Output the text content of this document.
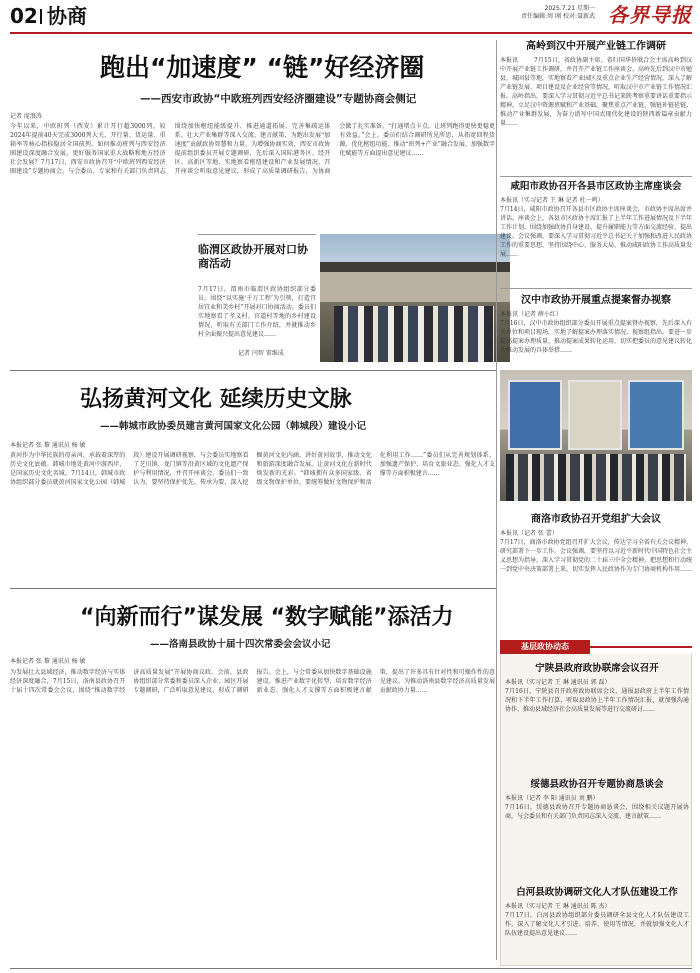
02 协商	2025.7.21 星期一
责任编辑:周 刚 校对:聂新武 各界导报
跑出“加速度” “链”好经济圈
——西安市政协“中欧班列西安经济圈建设”专题协商会侧记
记者 庞浪涛
今年以来，中欧班列（西安）累计开行超3000列，较2024年提前40天完成3000列大关，开行量、货运量、重箱率等核心指标稳居全国前列。如何推动班列与西安经济圈建设深度融合发展，更好服务国家重大战略和地方经济社会发展？7月17日，西安市政协召开“中欧班列西安经济圈建设”专题协商会。与会委员、专家和有关部门负责同志围绕加快枢纽能级提升、推进通道拓展、完善集疏运体系、壮大产业集群等深入交流、建言献策，为跑出发展“加速度”贡献政协智慧和力量。为增强协商实效，西安市政协提前组织委员开展专题调研，先后深入国际港务区、经开区、高新区等地，实地察看枢纽建设和产业发展情况，召开座谈会听取意见建议，形成了高质量调研报告，为协商会做了扎实准备。“打通堵点卡点，让班列跑得更快更稳更有效益。”会上，委员们结合调研所见所思，从拓宽回程货源、优化枢纽功能、推动“班列+产业”融合发展、加强数字化赋能等方面提出意见建议……
临渭区政协开展对口协商活动
7月17日，渭南市临渭区政协组织部分委员，围绕“以实施‘千万工程’为引领，打造宜居宜业和美乡村”开展对口协商活动。委员们实地察看了孝义村、官道村等地的乡村建设情况，听取有关部门工作介绍，并就推动乡村全面振兴提出意见建议……
记者 闫智 雷维成
高岭到汉中开展产业链工作调研
本报讯	7月15日，省政协副主席、省归国华侨联合会主席高岭到汉中开展产业链工作调研，并召开产业链工作座谈会。高岭先后到汉中市勉县、城固县等地，实地察看产业园区及重点企业生产经营情况，深入了解产业链发展、项目建设及企业经营等情况，听取汉中市产业链工作情况汇报。高岭指出，要深入学习贯彻习近平总书记来陕考察重要讲话重要指示精神，立足汉中资源禀赋和产业基础，聚焦重点产业链，强链补链延链，推动产业集群发展，为奋力谱写中国式现代化建设的陕西新篇章贡献力量……
咸阳市政协召开各县市区政协主席座谈会
本报讯（实习记者 王 琳 记者 杜一鸣）
7月14日，咸阳市政协召开各县市区政协主席座谈会，市政协主席出席并讲话。座谈会上，各县市区政协主席汇报了上半年工作进展情况及下半年工作计划，围绕加强政协自身建设、提升履职能力等方面交流经验、提出建议。会议强调，要深入学习贯彻习近平总书记关于加强和改进人民政协工作的重要思想，坚持围绕中心、服务大局，推动咸阳政协工作高质量发展……
汉中市政协开展重点提案督办视察
本报讯（记者 薛小红）
7月16日，汉中市政协组织部分委员开展重点提案督办视察，先后深入有关单位和项目现场，实地了解提案办理落实情况。视察组指出，要进一步提高提案办理质量，推动提案成果转化运用，切实把委员的意见建议转化为推动发展的具体举措……
商洛市政协召开党组扩大会议
本报讯（记者 张 蕾）
7月17日，商洛市政协党组召开扩大会议，传达学习全省有关会议精神，研究部署下一步工作。会议强调，要坚持以习近平新时代中国特色社会主义思想为指导，深入学习贯彻党的二十届三中全会精神，把思想和行动统一到党中央决策部署上来，切实发挥人民政协作为专门协商机构作用……
弘扬黄河文化 延续历史文脉
——韩城市政协委员建言黄河国家文化公园（韩城段）建设小记
本报记者 张 黎 通讯员 杨 敏
黄河作为中华民族的母亲河，承载着深厚的历史文化底蕴。韩城市地处黄河中游西岸，是国家历史文化名城。7月14日，韩城市政协组织部分委员就黄河国家文化公园（韩城段）建设开展调研视察，与会委员实地察看了芝川镇、龙门镇等沿黄区域的文化遗产保护与利用情况，并召开座谈会。委员们一致认为，要坚持保护优先、传承为要，深入挖掘黄河文化内涵，讲好黄河故事，推动文化和旅游深度融合发展，让黄河文化在新时代焕发新的光彩。“韩城拥有众多国家级、省级文物保护单位，要统筹做好文物保护和活化利用工作……”委员们从完善规划体系、加强遗产保护、培育文旅业态、强化人才支撑等方面积极建言……
“向新而行”谋发展 “数字赋能”添活力
——洛南县政协十届十四次常委会会议小记
本报记者 张 黎 通讯员 杨 敏
为发展壮大县域经济，推动数字经济与实体经济深度融合，7月15日，洛南县政协召开十届十四次常委会会议，围绕“推动数字经济高质量发展”开展协商议政。会前，县政协组织部分常委和委员深入企业、园区开展专题调研，广泛听取意见建议，形成了调研报告。会上，与会常委从加快数字基础设施建设、推进产业数字化转型、培育数字经济新业态、强化人才支撑等方面积极建言献策，提出了许多具有针对性和可操作性的意见建议，为推动洛南县数字经济高质量发展贡献政协力量……
基层政协动态
宁陕县政府政协联席会议召开
本报讯（实习记者 王 琳 通讯员 郭 磊）
7月16日，宁陕县召开政府政协联席会议，通报县政府上半年工作情况和下半年工作打算，听取县政协上半年工作情况汇报，就加强沟通协作、推动县域经济社会高质量发展等进行交流研讨……
绥德县政协召开专题协商恳谈会
本报讯（记者 李 阳 通讯员 刘 鹏）
7月16日，绥德县政协召开专题协商恳谈会，围绕相关议题开展协商，与会委员和有关部门负责同志深入交流、建言献策……
白河县政协调研文化人才队伍建设工作
本报讯（实习记者 王 琳 通讯员 陈 杰）
7月17日，白河县政协组织部分委员调研全县文化人才队伍建设工作，深入了解文化人才引进、培养、使用等情况，并就加强文化人才队伍建设提出意见建议……
